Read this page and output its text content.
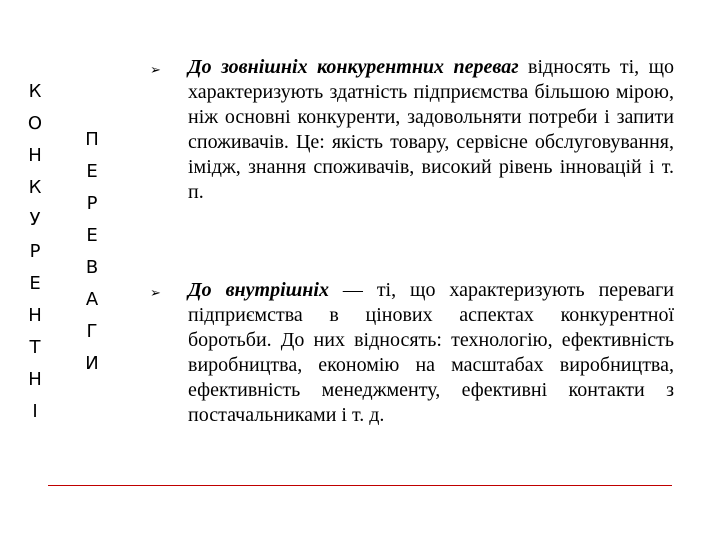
К
О
Н
К
У
Р
Е
Н
Т
Н
І
П
Е
Р
Е
В
А
Г
И
➢ До зовнішніх конкурентних переваг відносять ті, що характеризують здатність підприємства більшою мірою, ніж основні конкуренти, задовольняти потреби і запити споживачів. Це: якість товару, сервісне обслуговування, імідж, знання споживачів, високий рівень інновацій і т. п.
➢ До внутрішніх — ті, що характеризують переваги підприємства в цінових аспектах конкурентної боротьби. До них відносять: технологію, ефективність виробництва, економію на масштабах виробництва, ефективність менеджменту, ефективні контакти з постачальниками і т. д.
